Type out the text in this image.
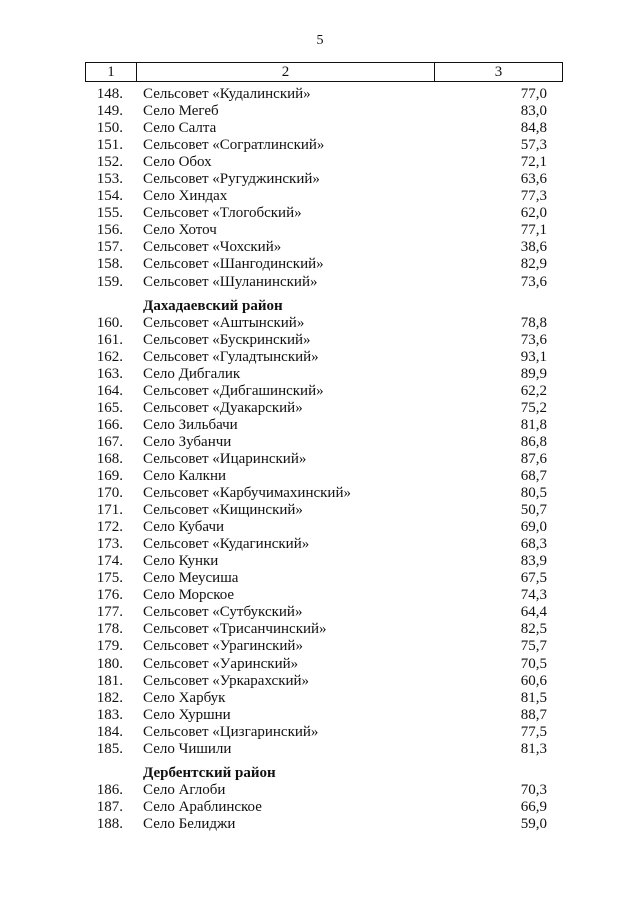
5
1	2	3
148.	Сельсовет «Кудалинский»	77,0
149.	Село Мегеб	83,0
150.	Село Салта	84,8
151.	Сельсовет «Согратлинский»	57,3
152.	Село Обох	72,1
153.	Сельсовет «Ругуджинский»	63,6
154.	Село Хиндах	77,3
155.	Сельсовет «Тлогобский»	62,0
156.	Село Хоточ	77,1
157.	Сельсовет «Чохский»	38,6
158.	Сельсовет «Шангодинский»	82,9
159.	Сельсовет «Шуланинский»	73,6
Дахадаевский район
160.	Сельсовет «Аштынский»	78,8
161.	Сельсовет «Бускринский»	73,6
162.	Сельсовет «Гуладтынский»	93,1
163.	Село Дибгалик	89,9
164.	Сельсовет «Дибгашинский»	62,2
165.	Сельсовет «Дуакарский»	75,2
166.	Село Зильбачи	81,8
167.	Село Зубанчи	86,8
168.	Сельсовет «Ицаринский»	87,6
169.	Село Калкни	68,7
170.	Сельсовет «Карбучимахинский»	80,5
171.	Сельсовет «Кищинский»	50,7
172.	Село Кубачи	69,0
173.	Сельсовет «Кудагинский»	68,3
174.	Село Кунки	83,9
175.	Село Меусиша	67,5
176.	Село Морское	74,3
177.	Сельсовет «Сутбукский»	64,4
178.	Сельсовет «Трисанчинский»	82,5
179.	Сельсовет «Урагинский»	75,7
180.	Сельсовет «Уаринский»	70,5
181.	Сельсовет «Уркарахский»	60,6
182.	Село Харбук	81,5
183.	Село Хуршни	88,7
184.	Сельсовет «Цизгаринский»	77,5
185.	Село Чишили	81,3
Дербентский район
186.	Село Аглоби	70,3
187.	Село Араблинское	66,9
188.	Село Белиджи	59,0
